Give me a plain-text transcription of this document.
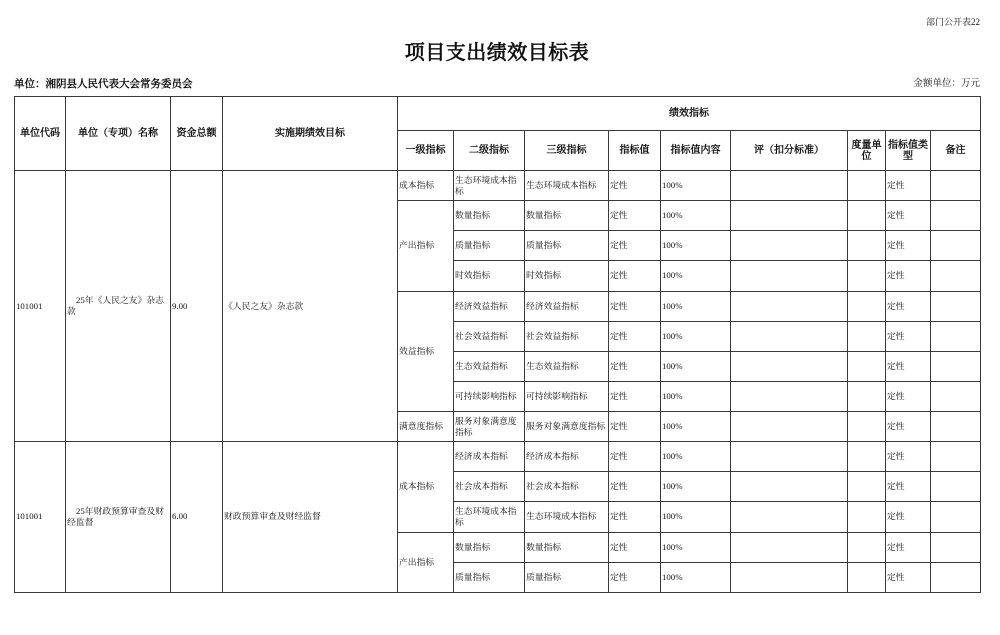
部门公开表22
项目支出绩效目标表
单位：湘阴县人民代表大会常务委员会	金额单位：万元
单位代码	单位（专项）名称	资金总额	实施期绩效目标	绩效指标								
				一级指标	二级指标	三级指标	指标值	指标值内容	评（扣分标准）	度量单位	指标值类型	备注
101001	25年《人民之友》杂志款	9.00	《人民之友》杂志款	成本指标	生态环境成本指标	生态环境成本指标	定性	100%			定性	
				产出指标	数量指标	数量指标	定性	100%			定性	
					质量指标	质量指标	定性	100%			定性	
					时效指标	时效指标	定性	100%			定性	
				效益指标	经济效益指标	经济效益指标	定性	100%			定性	
					社会效益指标	社会效益指标	定性	100%			定性	
					生态效益指标	生态效益指标	定性	100%			定性	
					可持续影响指标	可持续影响指标	定性	100%			定性	
				满意度指标	服务对象满意度指标	服务对象满意度指标	定性	100%			定性	
101001	25年财政预算审查及财经监督	6.00	财政预算审查及财经监督	成本指标	经济成本指标	经济成本指标	定性	100%			定性	
					社会成本指标	社会成本指标	定性	100%			定性	
					生态环境成本指标	生态环境成本指标	定性	100%			定性	
				产出指标	数量指标	数量指标	定性	100%			定性	
					质量指标	质量指标	定性	100%			定性	
